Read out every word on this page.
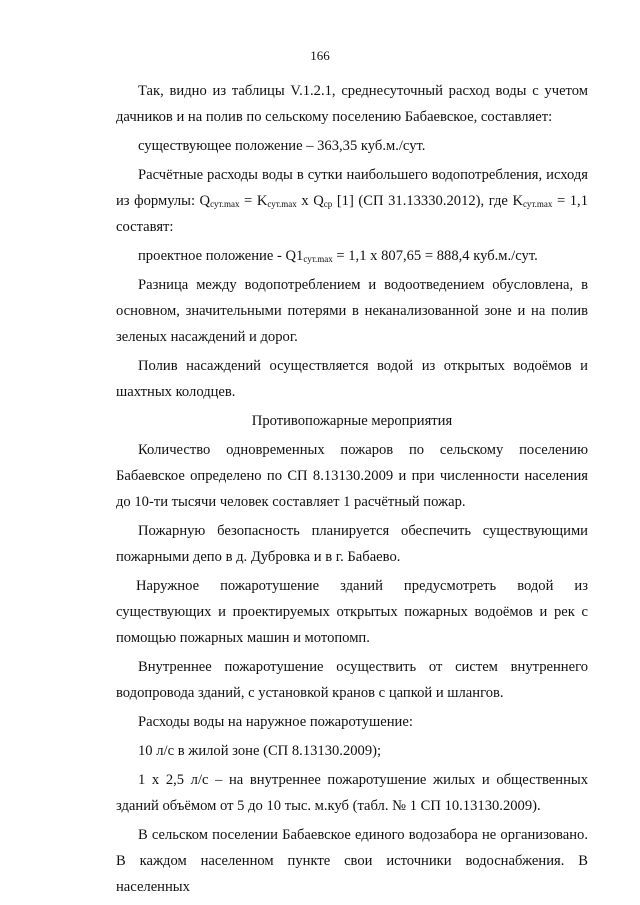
166

Так, видно из таблицы V.1.2.1, среднесуточный расход воды с учетом дачников и на полив по сельскому поселению Бабаевское, составляет:

существующее положение – 363,35 куб.м./сут.

Расчётные расходы воды в сутки наибольшего водопотребления, исходя из формулы: $Q_{сут.max} = K_{сут.max}$ x $Q_{ср}$ [1] (СП 31.13330.2012), где $K_{сут.max} = 1,1$ составят:

проектное положение - $Q1_{сут.max} = 1,1$ x 807,65 = 888,4 куб.м./сут.

Разница между водопотреблением и водоотведением обусловлена, в основном, значительными потерями в неканализованной зоне и на полив зеленых насаждений и дорог.

Полив насаждений осуществляется водой из открытых водоёмов и шахтных колодцев.

Противопожарные мероприятия

Количество одновременных пожаров по сельскому поселению Бабаевское определено по СП 8.13130.2009 и при численности населения до 10-ти тысячи человек составляет 1 расчётный пожар.

Пожарную безопасность планируется обеспечить существующими пожарными депо в д. Дубровка и в г. Бабаево.

Наружное пожаротушение зданий предусмотреть водой из

существующих и проектируемых открытых пожарных водоёмов и рек с помощью пожарных машин и мотопомп.

Внутреннее пожаротушение осуществить от систем внутреннего водопровода зданий, с установкой кранов с цапкой и шлангов.

Расходы воды на наружное пожаротушение:

10 л/с в жилой зоне (СП 8.13130.2009);

1 х 2,5 л/с – на внутреннее пожаротушение жилых и общественных зданий объёмом от 5 до 10 тыс. м.куб (табл. № 1 СП 10.13130.2009).

В сельском поселении Бабаевское единого водозабора не организовано. В каждом населенном пункте свои источники водоснабжения. В населенных
